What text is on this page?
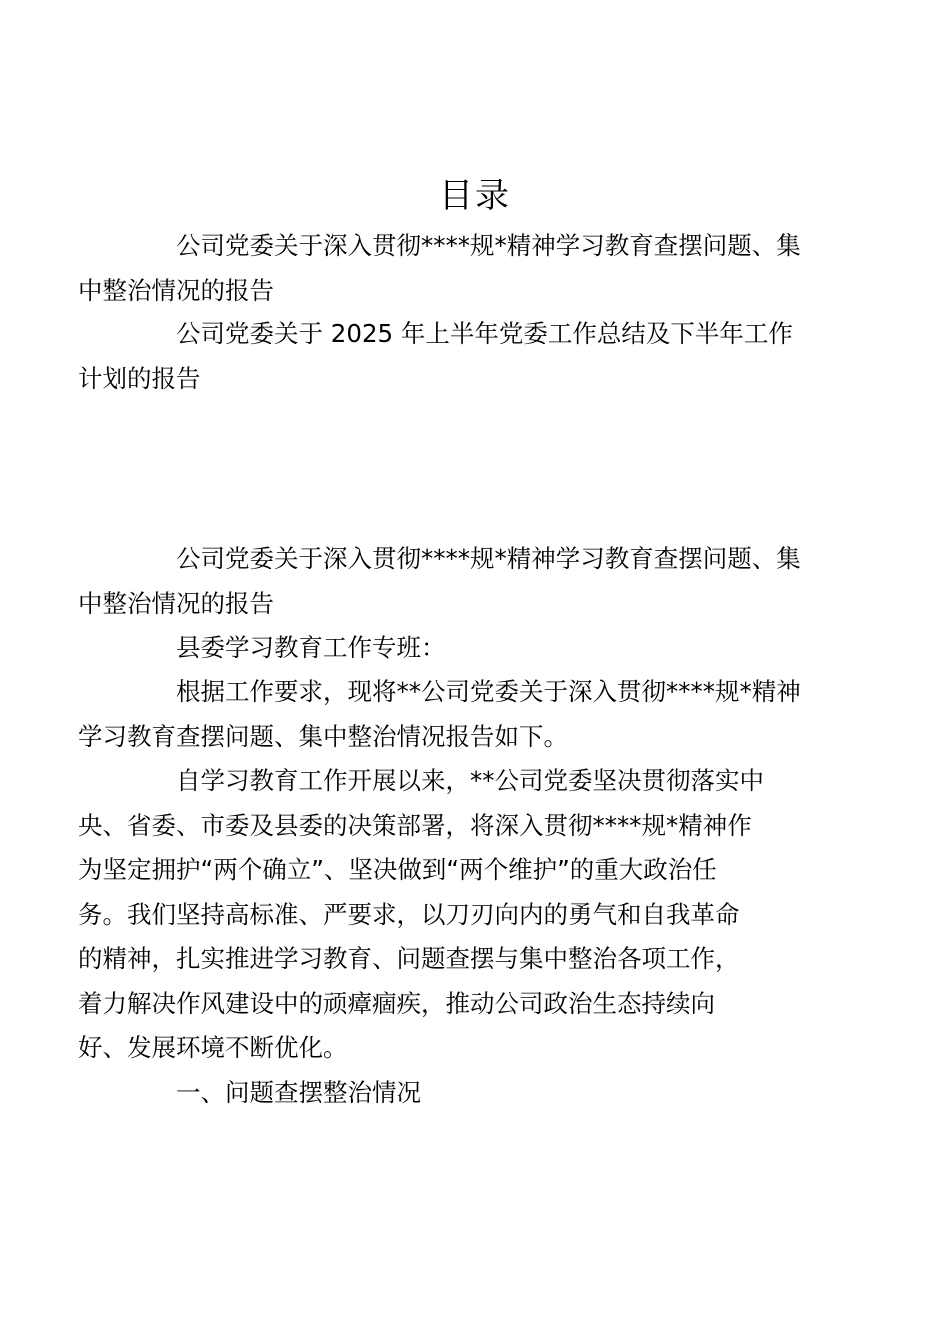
目录

公司党委关于深入贯彻****规*精神学习教育查摆问题、集
中整治情况的报告

公司党委关于 2025 年上半年党委工作总结及下半年工作
计划的报告

公司党委关于深入贯彻****规*精神学习教育查摆问题、集
中整治情况的报告

县委学习教育工作专班：

根据工作要求，现将**公司党委关于深入贯彻****规*精神
学习教育查摆问题、集中整治情况报告如下。

自学习教育工作开展以来，**公司党委坚决贯彻落实中
央、省委、市委及县委的决策部署，将深入贯彻****规*精神作
为坚定拥护“两个确立”、坚决做到“两个维护”的重大政治任
务。我们坚持高标准、严要求，以刀刃向内的勇气和自我革命
的精神，扎实推进学习教育、问题查摆与集中整治各项工作，
着力解决作风建设中的顽瘴痼疾，推动公司政治生态持续向
好、发展环境不断优化。

一、问题查摆整治情况
